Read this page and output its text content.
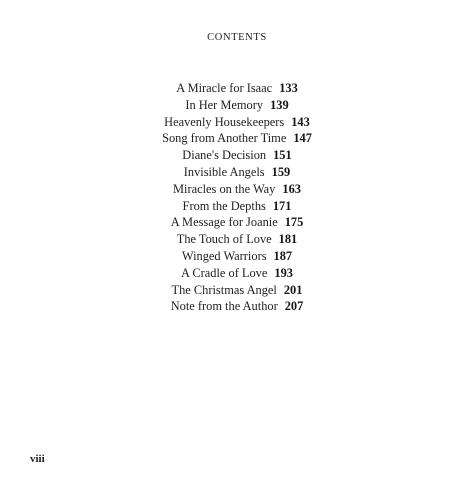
CONTENTS
A Miracle for Isaac 133
In Her Memory 139
Heavenly Housekeepers 143
Song from Another Time 147
Diane's Decision 151
Invisible Angels 159
Miracles on the Way 163
From the Depths 171
A Message for Joanie 175
The Touch of Love 181
Winged Warriors 187
A Cradle of Love 193
The Christmas Angel 201
Note from the Author 207

viii
